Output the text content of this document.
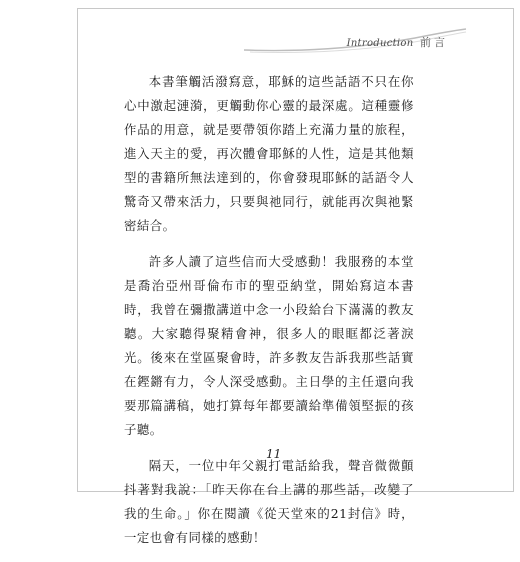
Introduction 前言

本書筆觸活潑寫意，耶穌的這些話語不只在你心中激起漣漪，更觸動你心靈的最深處。這種靈修作品的用意，就是要帶領你踏上充滿力量的旅程，進入天主的愛，再次體會耶穌的人性，這是其他類型的書籍所無法達到的，你會發現耶穌的話語令人驚奇又帶來活力，只要與祂同行，就能再次與祂緊密結合。

許多人讀了這些信而大受感動！我服務的本堂是喬治亞州哥倫布市的聖亞納堂，開始寫這本書時，我曾在彌撒講道中念一小段給台下滿滿的教友聽。大家聽得聚精會神，很多人的眼眶都泛著淚光。後來在堂區聚會時，許多教友告訴我那些話實在鏗鏘有力，令人深受感動。主日學的主任還向我要那篇講稿，她打算每年都要讀給準備領堅振的孩子聽。

隔天，一位中年父親打電話給我，聲音微微顫抖著對我說：「昨天你在台上講的那些話，改變了我的生命。」你在閱讀《從天堂來的21封信》時，一定也會有同樣的感動！

11
